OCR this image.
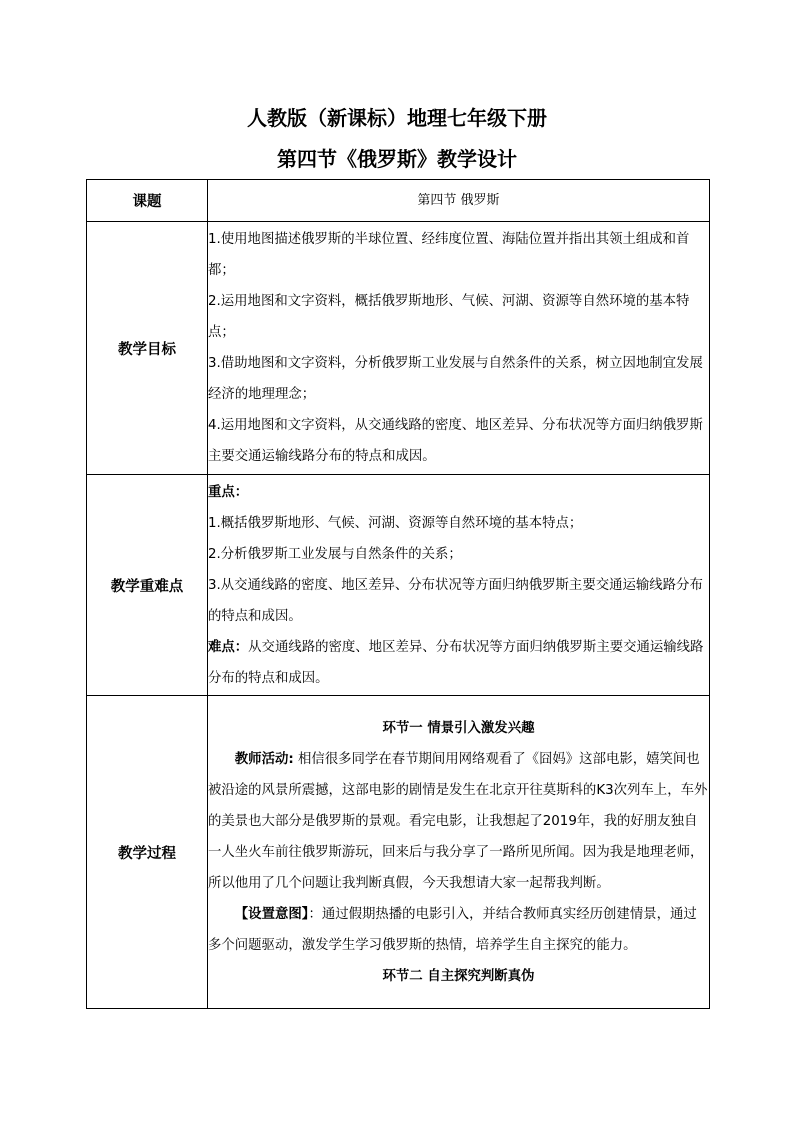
人教版（新课标）地理七年级下册
第四节《俄罗斯》教学设计
课题	第四节 俄罗斯
教学目标	1.使用地图描述俄罗斯的半球位置、经纬度位置、海陆位置并指出其领土组成和首都；

2.运用地图和文字资料，概括俄罗斯地形、气候、河湖、资源等自然环境的基本特点；

3.借助地图和文字资料，分析俄罗斯工业发展与自然条件的关系，树立因地制宜发展经济的地理理念；

4.运用地图和文字资料，从交通线路的密度、地区差异、分布状况等方面归纳俄罗斯主要交通运输线路分布的特点和成因。

教学重难点	重点：

1.概括俄罗斯地形、气候、河湖、资源等自然环境的基本特点；

2.分析俄罗斯工业发展与自然条件的关系；

3.从交通线路的密度、地区差异、分布状况等方面归纳俄罗斯主要交通运输线路分布的特点和成因。

难点：从交通线路的密度、地区差异、分布状况等方面归纳俄罗斯主要交通运输线路分布的特点和成因。

教学过程	环节一 情景引入激发兴趣

教师活动: 相信很多同学在春节期间用网络观看了《囧妈》这部电影，嬉笑间也被沿途的风景所震撼，这部电影的剧情是发生在北京开往莫斯科的K3次列车上，车外的美景也大部分是俄罗斯的景观。看完电影，让我想起了2019年，我的好朋友独自一人坐火车前往俄罗斯游玩，回来后与我分享了一路所见所闻。因为我是地理老师，所以他用了几个问题让我判断真假，今天我想请大家一起帮我判断。

【设置意图】：通过假期热播的电影引入，并结合教师真实经历创建情景，通过多个问题驱动，激发学生学习俄罗斯的热情，培养学生自主探究的能力。

环节二 自主探究判断真伪
